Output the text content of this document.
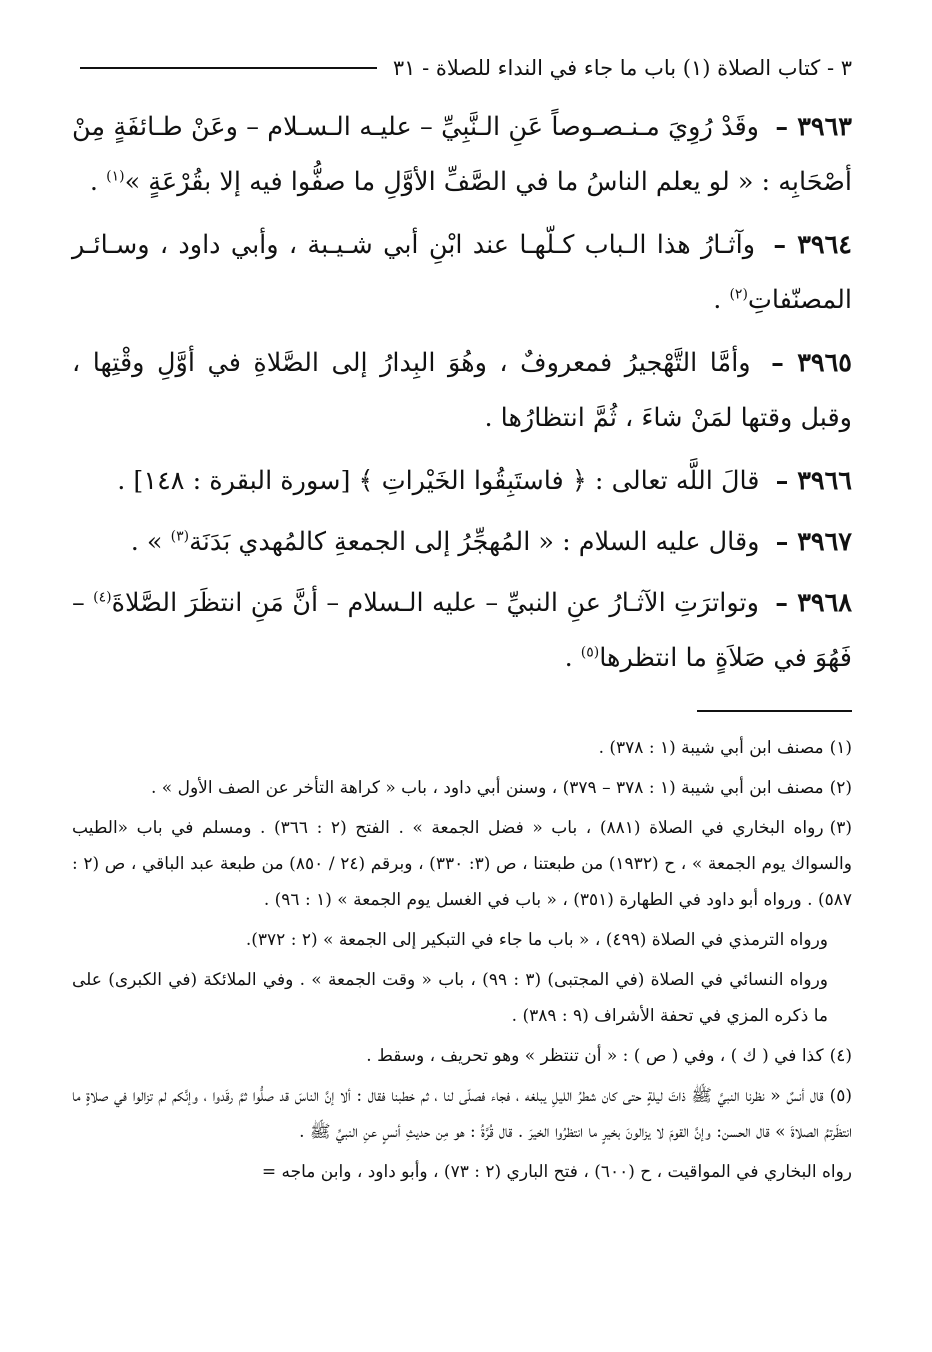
٣ - كتاب الصلاة (١) باب ما جاء في النداء للصلاة - ٣١

٣٩٦٣ – وقَدْ رُوِيَ مـنـصـوصاً عَنِ الـنَّبِيِّ – عليـه الـسـلام – وعَنْ طـائفَةٍ مِنْ أصْحَابِه : « لو يعلم الناسُ ما في الصَّفِّ الأوَّلِ ما صفُّوا فيه إلا بقُرْعَةٍ »$^{(١)}$ .

٣٩٦٤ – وآثـارُ هذا الـباب كـلّهـا عند ابْنِ أبي شـيـبة ، وأبي داود ، وسـائـر المصنّفاتِ$^{(٢)}$ .

٣٩٦٥ – وأمَّا التَّهْجيرُ فمعروفٌ ، وهُوَ البِدارُ إلى الصَّلاةِ في أوَّلِ وقْتِها ، وقبل وقتها لمَنْ شاءَ ، ثُمَّ انتظارُها .

٣٩٦٦ – قالَ اللَّه تعالى : ﴿ فاستَبِقُوا الخَيْراتِ ﴾ [سورة البقرة : ١٤٨] .

٣٩٦٧ – وقال عليه السلام : « المُهجِّرُ إلى الجمعةِ كالمُهدي بَدَنَة$^{(٣)}$ » .

٣٩٦٨ – وتواترَتِ الآثـارُ عنِ النبيِّ – عليه الـسلام – أنَّ مَنِ انتظَرَ الصَّلاةَ$^{(٤)}$ – فَهُوَ في صَلاَةٍ ما انتظرها$^{(٥)}$ .

(١)مصنف ابن أبي شيبة (١ : ٣٧٨) .

(٢)مصنف ابن أبي شيبة (١ : ٣٧٨ – ٣٧٩) ، وسنن أبي داود ، باب « كراهة التأخر عن الصف الأول » .

(٣)رواه البخاري في الصلاة (٨٨١) ، باب « فضل الجمعة » . الفتح (٢ : ٣٦٦) . ومسلم في باب «الطيب والسواك يوم الجمعة » ، ح (١٩٣٢) من طبعتنا ، ص (٣: ٣٣٠) ، وبرقم (٢٤ / ٨٥٠) من طبعة عبد الباقي ، ص (٢ : ٥٨٧) . ورواه أبو داود في الطهارة (٣٥١) ، « باب في الغسل يوم الجمعة » (١ : ٩٦) .

ورواه الترمذي في الصلاة (٤٩٩) ، « باب ما جاء في التبكير إلى الجمعة » (٢ : ٣٧٢).

ورواه النسائي في الصلاة (في المجتبى) (٣ : ٩٩) ، باب « وقت الجمعة » . وفي الملائكة (في الكبرى) على ما ذكره المزي في تحفة الأشراف (٩ : ٣٨٩) .

(٤)كذا في ( ك ) ، وفي ( ص ) : « أن تنتظر » وهو تحريف ، وسقط .

(٥)قال أنسٌ « نظرنا النبيَّ ﷺ ذاتَ ليلةٍ حتى كان شطرُ الليلِ يبلغه ، فجاء فصلّى لنا ، ثم خطبنا فقال : ألا إنَّ الناسَ قد صلُّوا ثمَّ رقَدوا ، وإنَّكم لم تزالوا في صلاةٍ ما انتظَرتمُ الصلاةَ » قال الحسن: وإنَّ القومَ لا يزالونَ بخيرٍ ما انتظرُوا الخيرَ . قال قُرَّةُ : هو مِن حديثِ أنسٍ عنِ النبيِّ ﷺ .

رواه البخاري في المواقيت ، ح (٦٠٠) ، فتح الباري (٢ : ٧٣) ، وأبو داود ، وابن ماجه =
